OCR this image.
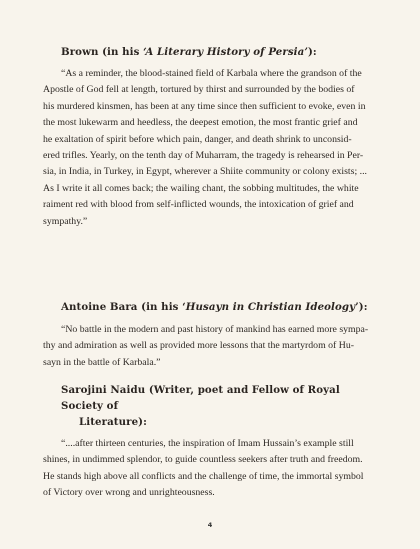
Brown (in his ‘A Literary History of Persia’):

“As a reminder, the blood-stained field of Karbala where the grandson of the
Apostle of God fell at length, tortured by thirst and surrounded by the bodies of
his murdered kinsmen, has been at any time since then sufficient to evoke, even in
the most lukewarm and heedless, the deepest emotion, the most frantic grief and
he exaltation of spirit before which pain, danger, and death shrink to unconsid-
ered trifles. Yearly, on the tenth day of Muharram, the tragedy is rehearsed in Per-
sia, in India, in Turkey, in Egypt, wherever a Shiite community or colony exists; ...
As I write it all comes back; the wailing chant, the sobbing multitudes, the white
raiment red with blood from self-inflicted wounds, the intoxication of grief and
sympathy.”

Antoine Bara (in his ‘Husayn in Christian Ideology’):

“No battle in the modern and past history of mankind has earned more sympa-
thy and admiration as well as provided more lessons that the martyrdom of Hu-
sayn in the battle of Karbala.”

Sarojini Naidu (Writer, poet and Fellow of Royal Society of
Literature):

“....after thirteen centuries, the inspiration of Imam Hussain’s example still
shines, in undimmed splendor, to guide countless seekers after truth and freedom.
He stands high above all conflicts and the challenge of time, the immortal symbol
of Victory over wrong and unrighteousness.

4
